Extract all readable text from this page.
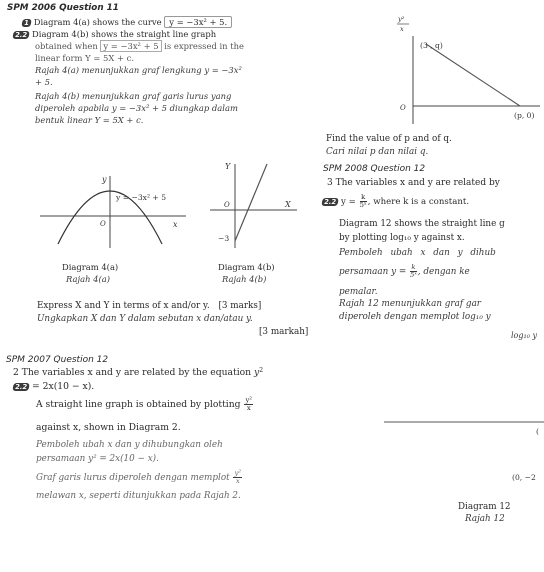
SPM 2006 Question 11
1 Diagram 4(a) shows the curve y = −3x² + 5.
2.2 Diagram 4(b) shows the straight line graph
obtained when y = −3x² + 5 is expressed in the
linear form Y = 5X + c.
Rajah 4(a) menunjukkan graf lengkung y = −3x²
+ 5.
Rajah 4(b) menunjukkan graf garis lurus yang
diperoleh apabila y = −3x² + 5 diungkap dalam
bentuk linear Y = 5X + c.
y
x
O
y = −3x² + 5
Y
X
O
−3
Diagram 4(a)
Rajah 4(a)
Diagram 4(b)
Rajah 4(b)
Express X and Y in terms of x and/or y. [3 marks]
Ungkapkan X dan Y dalam sebutan x dan/atau y.
[3 markah]
SPM 2007 Question 12
2 The variables x and y are related by the equation $y^2$
2.2 = 2x(10 − x).
A straight line graph is obtained by plotting $\frac{\text{y²}}{x}$
against x, shown in Diagram 2.
Pemboleh ubah x dan y dihubungkan oleh
persamaan y² = 2x(10 − x).
Graf garis lurus diperoleh dengan memplot $\frac{\text{y²}}{x}$
melawan x, seperti ditunjukkan pada Rajah 2.
y²
x
(3 , q)
(p, 0)
O
Find the value of p and of q.
Cari nilai p dan nilai q.
SPM 2008 Question 12
3 The variables x and y are related by
2.2 $y = \frac{k}{\text{5ˣ}}$ , where k is a constant.
Diagram 12 shows the straight line g
by plotting log₁₀ y against x.
Pemboleh ubah x dan y dihub
persamaan $y = \frac{k}{\text{5ˣ}}$ , dengan ke
pemalar.
Rajah 12 menunjukkan graf gar
diperoleh dengan memplot log₁₀ y
log₁₀ y
(
(0, −2
Diagram 12
Rajah 12
